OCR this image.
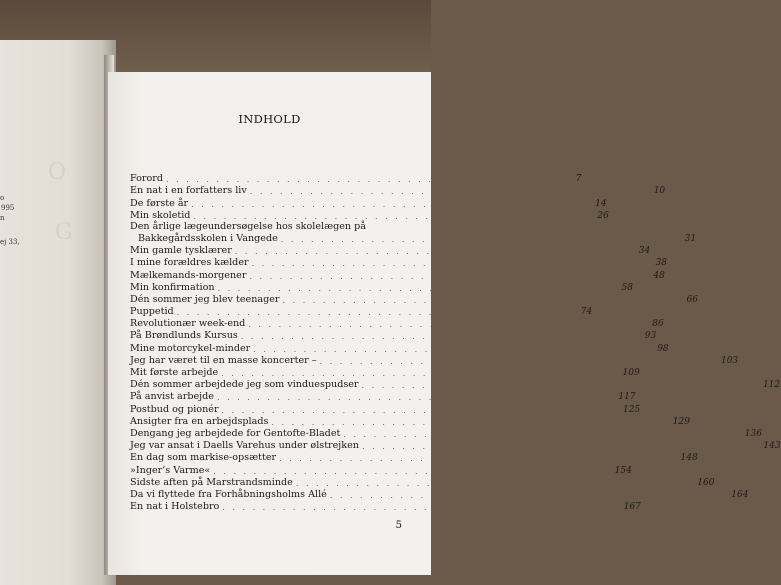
O
G
o
995
n
ej 33,
INDHOLD
Forord . . . . . . . . . . . . . . . . . . . . . . . . . . . . . . . . . . . . . . . .	7
En nat i en forfatters liv . . . . . . . . . . . . . . . . . . . . . . . . . . . . . . . . . . . . . . . . 10
De første år . . . . . . . . . . . . . . . . . . . . . . . . . . . . . . . . . . . . . . . . 14
Min skoletid . . . . . . . . . . . . . . . . . . . . . . . . . . . . . . . . . . . . . . . . 26
Den årlige lægeundersøgelse hos skolelægen på
Bakkegårdsskolen i Vangede . . . . . . . . . . . . . . . . . . . . . . . . . . . . . . . . . . . . . . . . 31
Min gamle tysklærer . . . . . . . . . . . . . . . . . . . . . . . . . . . . . . . . . . . . . . . . 34
I mine forældres kælder . . . . . . . . . . . . . . . . . . . . . . . . . . . . . . . . . . . . . . . . 38
Mælkemands-morgener . . . . . . . . . . . . . . . . . . . . . . . . . . . . . . . . . . . . . . . . 48
Min konfirmation . . . . . . . . . . . . . . . . . . . . . . . . . . . . . . . . . . . . . . . . 58
Dén sommer jeg blev teenager . . . . . . . . . . . . . . . . . . . . . . . . . . . . . . . . . . . . . . . . 66
Puppetid . . . . . . . . . . . . . . . . . . . . . . . . . . . . . . . . . . . . . . . . 74
Revolutionær week-end . . . . . . . . . . . . . . . . . . . . . . . . . . . . . . . . . . . . . . . . 86
På Brøndlunds Kursus . . . . . . . . . . . . . . . . . . . . . . . . . . . . . . . . . . . . . . . . 93
Mine motorcykel-minder . . . . . . . . . . . . . . . . . . . . . . . . . . . . . . . . . . . . . . . . 98
Jeg har været til en masse koncerter – . . . . . . . . . . . . . . . . . . . . . . . . . . . . . . . . . . . . . . . . 103
Mit første arbejde . . . . . . . . . . . . . . . . . . . . . . . . . . . . . . . . . . . . . . . . 109
Dén sommer arbejdede jeg som vinduespudser . . . . . . . . . . . . . . . . . . . . . . . . . . . . . . . . . . . . . . . . 112
På anvist arbejde . . . . . . . . . . . . . . . . . . . . . . . . . . . . . . . . . . . . . . . . 117
Postbud og pionér . . . . . . . . . . . . . . . . . . . . . . . . . . . . . . . . . . . . . . . . 125
Ansigter fra en arbejdsplads . . . . . . . . . . . . . . . . . . . . . . . . . . . . . . . . . . . . . . . . 129
Dengang jeg arbejdede for Gentofte-Bladet . . . . . . . . . . . . . . . . . . . . . . . . . . . . . . . . . . . . . . . . 136
Jeg var ansat i Daells Varehus under ølstrejken . . . . . . . . . . . . . . . . . . . . . . . . . . . . . . . . . . . . . . . . 143
En dag som markise-opsætter . . . . . . . . . . . . . . . . . . . . . . . . . . . . . . . . . . . . . . . . 148
»Inger’s Varme« . . . . . . . . . . . . . . . . . . . . . . . . . . . . . . . . . . . . . . . . 154
Sidste aften på Marstrandsminde . . . . . . . . . . . . . . . . . . . . . . . . . . . . . . . . . . . . . . . . 160
Da vi flyttede fra Forhåbningsholms Allé . . . . . . . . . . . . . . . . . . . . . . . . . . . . . . . . . . . . . . . . 164
En nat i Holstebro . . . . . . . . . . . . . . . . . . . . . . . . . . . . . . . . . . . . . . . . 167
5
